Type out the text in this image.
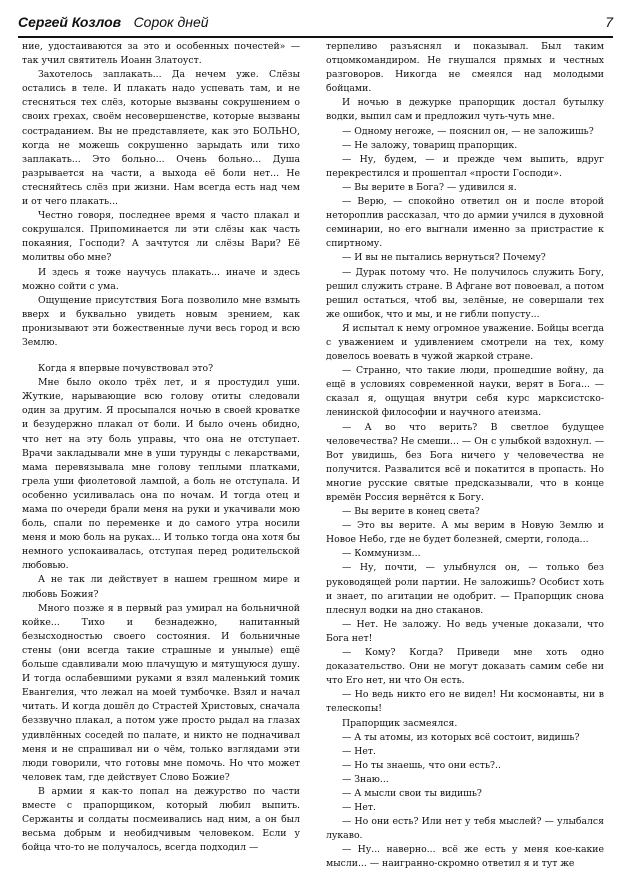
Сергей Козлов Сорок дней	7

ние, удостаиваются за это и особенных почестей» — так учил святитель Иоанн Златоуст.

Захотелось заплакать... Да нечем уже. Слёзы остались в теле. И плакать надо успевать там, и не стесняться тех слёз, которые вызваны сокрушением о своих грехах, своём несовершенстве, которые вызваны состраданием. Вы не представляете, как это БОЛЬНО, когда не можешь сокрушенно зарыдать или тихо заплакать... Это больно... Очень больно... Душа разрывается на части, а выхода её боли нет... Не стесняйтесь слёз при жизни. Нам всегда есть над чем и от чего плакать...

Честно говоря, последнее время я часто плакал и сокрушался. Припоминается ли эти слёзы как часть покаяния, Господи? А зачтутся ли слёзы Вари? Её молитвы обо мне?

И здесь я тоже научусь плакать... иначе и здесь можно сойти с ума.

Ощущение присутствия Бога позволило мне взмыть вверх и буквально увидеть новым зрением, как пронизывают эти божественные лучи весь город и всю Землю.

Когда я впервые почувствовал это?

Мне было около трёх лет, и я простудил уши. Жуткие, нарывающие всю голову отиты следовали один за другим. Я просыпался ночью в своей кроватке и безудержно плакал от боли. И было очень обидно, что нет на эту боль управы, что она не отступает. Врачи закладывали мне в уши турунды с лекарствами, мама перевязывала мне голову теплыми платками, грела уши фиолетовой лампой, а боль не отступала. И особенно усиливалась она по ночам. И тогда отец и мама по очереди брали меня на руки и укачивали мою боль, спали по переменке и до самого утра носили меня и мою боль на руках... И только тогда она хотя бы немного успокаивалась, отступая перед родительской любовью.

А не так ли действует в нашем грешном мире и любовь Божия?

Много позже я в первый раз умирал на больничной койке... Тихо и безнадежно, напитанный безысходностью своего состояния. И больничные стены (они всегда такие страшные и унылые) ещё больше сдавливали мою плачущую и мятущуюся душу. И тогда ослабевшими руками я взял маленький томик Евангелия, что лежал на моей тумбочке. Взял и начал читать. И когда дошёл до Страстей Христовых, сначала беззвучно плакал, а потом уже просто рыдал на глазах удивлённых соседей по палате, и никто не подначивал меня и не спрашивал ни о чём, только взглядами эти люди говорили, что готовы мне помочь. Но что может человек там, где действует Слово Божие?

В армии я как-то попал на дежурство по части вместе с прапорщиком, который любил выпить. Сержанты и солдаты посмеивались над ним, а он был весьма добрым и необидчивым человеком. Если у бойца что-то не получалось, всегда подходил —

терпеливо разъяснял и показывал. Был таким отцомкомандиром. Не гнушался прямых и честных разговоров. Никогда не смеялся над молодыми бойцами.

И ночью в дежурке прапорщик достал бутылку водки, выпил сам и предложил чуть-чуть мне.

— Одному негоже, — пояснил он, — не заложишь?

— Не заложу, товарищ прапорщик.

— Ну, будем, — и прежде чем выпить, вдруг перекрестился и прошептал «прости Господи».

— Вы верите в Бога? — удивился я.

— Верю, — спокойно ответил он и после второй нетороплив рассказал, что до армии учился в духовной семинарии, но его выгнали именно за пристрастие к спиртному.

— И вы не пытались вернуться? Почему?

— Дурак потому что. Не получилось служить Богу, решил служить стране. В Афгане вот повоевал, а потом решил остаться, чтоб вы, зелёные, не совершали тех же ошибок, что и мы, и не гибли попусту...

Я испытал к нему огромное уважение. Бойцы всегда с уважением и удивлением смотрели на тех, кому довелось воевать в чужой жаркой стране.

— Странно, что такие люди, прошедшие войну, да ещё в условиях современной науки, верят в Бога... — сказал я, ощущая внутри себя курс марксистско-ленинской философии и научного атеизма.

— А во что верить? В светлое будущее человечества? Не смеши... — Он с улыбкой вздохнул. — Вот увидишь, без Бога ничего у человечества не получится. Развалится всё и покатится в пропасть. Но многие русские святые предсказывали, что в конце времён Россия вернётся к Богу.

— Вы верите в конец света?

— Это вы верите. А мы верим в Новую Землю и Новое Небо, где не будет болезней, смерти, голода...

— Коммунизм...

— Ну, почти, — улыбнулся он, — только без руководящей роли партии. Не заложишь? Особист хоть и знает, по агитации не одобрит. — Прапорщик снова плеснул водки на дно стаканов.

— Нет. Не заложу. Но ведь ученые доказали, что Бога нет!

— Кому? Когда? Приведи мне хоть одно доказательство. Они не могут доказать самим себе ни что Его нет, ни что Он есть.

— Но ведь никто его не видел! Ни космонавты, ни в телескопы!

Прапорщик засмеялся.

— А ты атомы, из которых всё состоит, видишь?

— Нет.

— Но ты знаешь, что они есть?..

— Знаю...

— А мысли свои ты видишь?

— Нет.

— Но они есть? Или нет у тебя мыслей? — улыбался лукаво.

— Ну... наверно... всё же есть у меня кое-какие мысли... — наигранно-скромно ответил я и тут же
